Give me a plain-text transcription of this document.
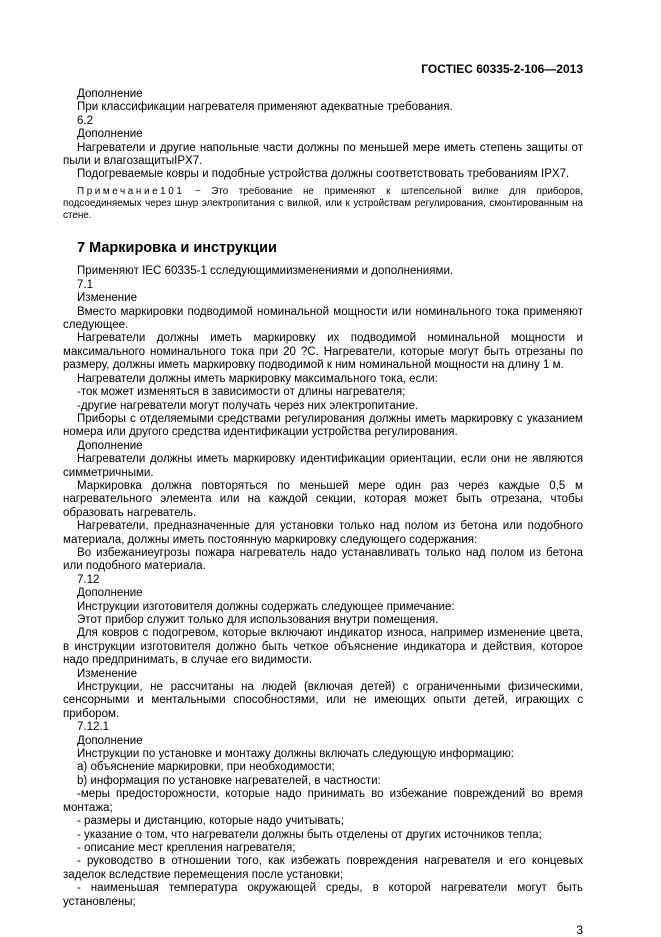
ГОСТIEC 60335-2-106—2013
Дополнение
При классификации нагревателя применяют адекватные требования.
6.2
Дополнение
Нагреватели и другие напольные части должны по меньшей мере иметь степень защиты от пыли и влагозащитыIPX7.
Подогреваемые ковры и подобные устройства должны соответствовать требованиям IPX7.
Примечание101 − Это требование не применяют к штепсельной вилке для приборов, подсоединяемых через шнур электропитания с вилкой, или к устройствам регулирования, смонтированным на стене.
7 Маркировка и инструкции
Применяют IEC 60335-1 сследующимиизменениями и дополнениями.
7.1
Изменение
Вместо маркировки подводимой номинальной мощности или номинального тока применяют следующее.
Нагреватели должны иметь маркировку их подводимой номинальной мощности и максимального номинального тока при 20 ?С. Нагреватели, которые могут быть отрезаны по размеру, должны иметь маркировку подводимой к ним номинальной мощности на длину 1 м.
Нагреватели должны иметь маркировку максимального тока, если:
-ток может изменяться в зависимости от длины нагревателя;
-другие нагреватели могут получать через них электропитание.
Приборы с отделяемыми средствами регулирования должны иметь маркировку с указанием номера или другого средства идентификации устройства регулирования.
Дополнение
Нагреватели должны иметь маркировку идентификации ориентации, если они не являются симметричными.
Маркировка должна повторяться по меньшей мере один раз через каждые 0,5 м нагревательного элемента или на каждой секции, которая может быть отрезана, чтобы образовать нагреватель.
Нагреватели, предназначенные для установки только над полом из бетона или подобного материала, должны иметь постоянную маркировку следующего содержания:
Во избежаниеугрозы пожара нагреватель надо устанавливать только над полом из бетона или подобного материала.
7.12
Дополнение
Инструкции изготовителя должны содержать следующее примечание:
Этот прибор служит только для использования внутри помещения.
Для ковров с подогревом, которые включают индикатор износа, например изменение цвета, в инструкции изготовителя должно быть четкое объяснение индикатора и действия, которое надо предпринимать, в случае его видимости.
Изменение
Инструкции, не рассчитаны на людей (включая детей) с ограниченными физическими, сенсорными и ментальными способностями, или не имеющих опыти детей, играющих с прибором.
7.12.1
Дополнение
Инструкции по установке и монтажу должны включать следующую информацию:
a) объяснение маркировки, при необходимости;
b) информация по установке нагревателей, в частности:
-меры предосторожности, которые надо принимать во избежание повреждений во время монтажа;
- размеры и дистанцию, которые надо учитывать;
- указание о том, что нагреватели должны быть отделены от других источников тепла;
- описание мест крепления нагревателя;
- руководство в отношении того, как избежать повреждения нагревателя и его концевых заделок вследствие перемещения после установки;
- наименьшая температура окружающей среды, в которой нагреватели могут быть установлены;
3
